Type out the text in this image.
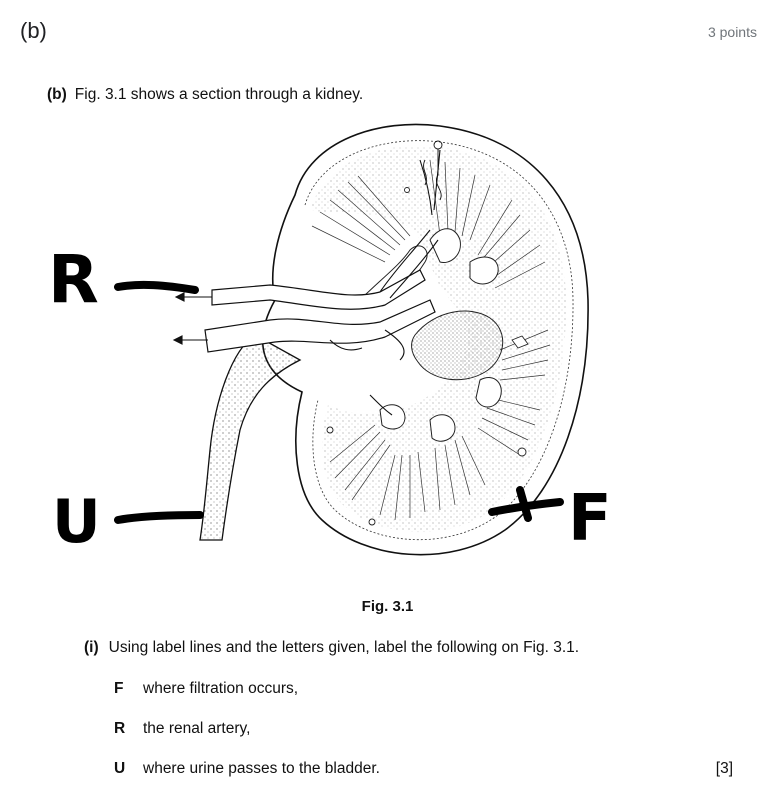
(b)	3 points
(b) Fig. 3.1 shows a section through a kidney.
R
U	F
Fig. 3.1
(i) Using label lines and the letters given, label the following on Fig. 3.1.
F where filtration occurs,
R the renal artery,
U where urine passes to the bladder.	[3]
